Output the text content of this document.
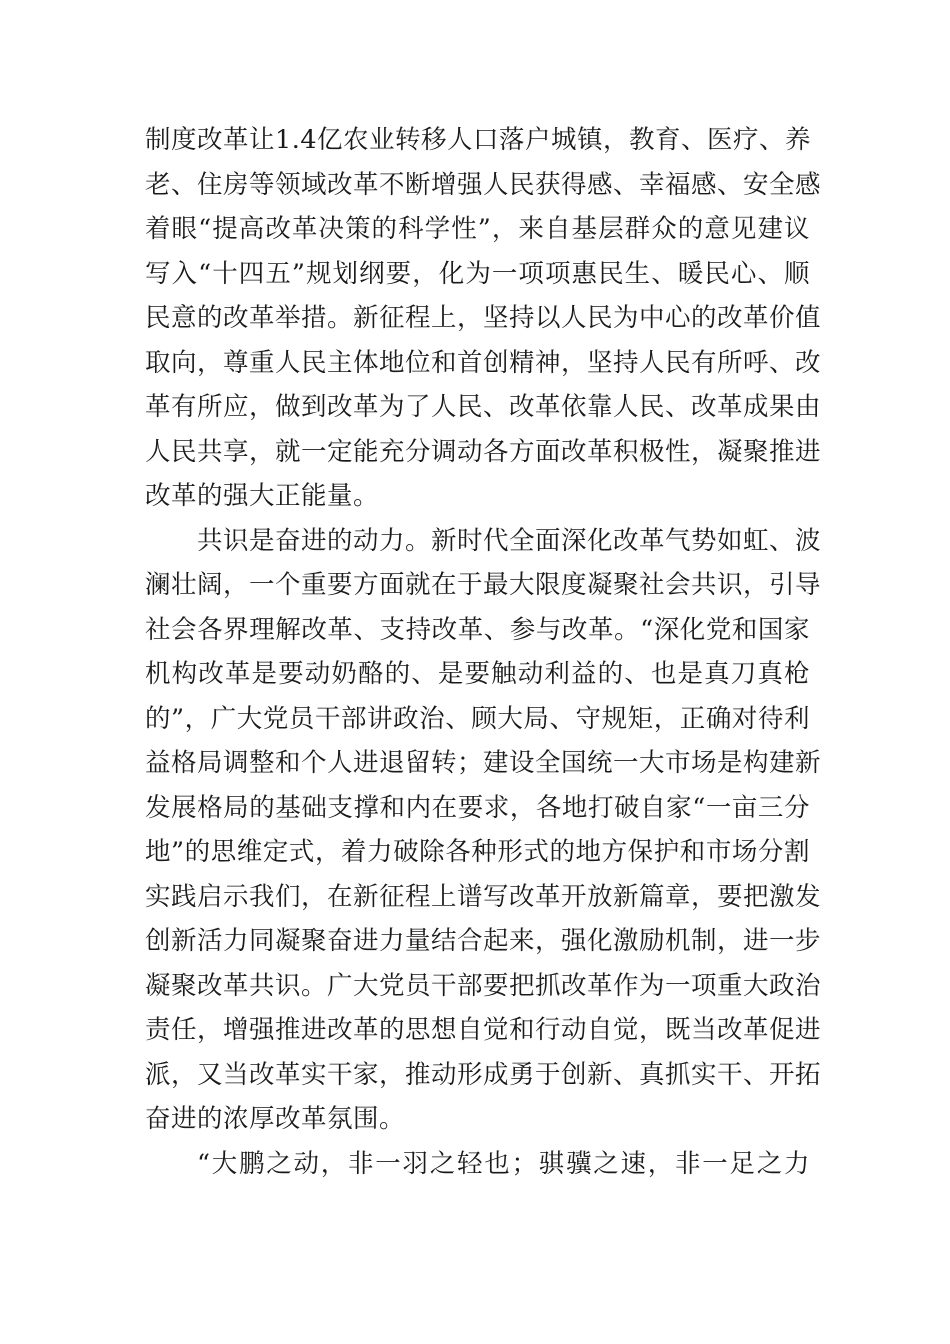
制度改革让1.4亿农业转移人口落户城镇，教育、医疗、养
老、住房等领域改革不断增强人民获得感、幸福感、安全感
着眼“提高改革决策的科学性”，来自基层群众的意见建议
写入“十四五”规划纲要，化为一项项惠民生、暖民心、顺
民意的改革举措。新征程上，坚持以人民为中心的改革价值
取向，尊重人民主体地位和首创精神，坚持人民有所呼、改
革有所应，做到改革为了人民、改革依靠人民、改革成果由
人民共享，就一定能充分调动各方面改革积极性，凝聚推进
改革的强大正能量。
共识是奋进的动力。新时代全面深化改革气势如虹、波
澜壮阔，一个重要方面就在于最大限度凝聚社会共识，引导
社会各界理解改革、支持改革、参与改革。“深化党和国家
机构改革是要动奶酪的、是要触动利益的、也是真刀真枪
的”，广大党员干部讲政治、顾大局、守规矩，正确对待利
益格局调整和个人进退留转；建设全国统一大市场是构建新
发展格局的基础支撑和内在要求，各地打破自家“一亩三分
地”的思维定式，着力破除各种形式的地方保护和市场分割
实践启示我们，在新征程上谱写改革开放新篇章，要把激发
创新活力同凝聚奋进力量结合起来，强化激励机制，进一步
凝聚改革共识。广大党员干部要把抓改革作为一项重大政治
责任，增强推进改革的思想自觉和行动自觉，既当改革促进
派，又当改革实干家，推动形成勇于创新、真抓实干、开拓
奋进的浓厚改革氛围。
“大鹏之动，非一羽之轻也；骐骥之速，非一足之力
